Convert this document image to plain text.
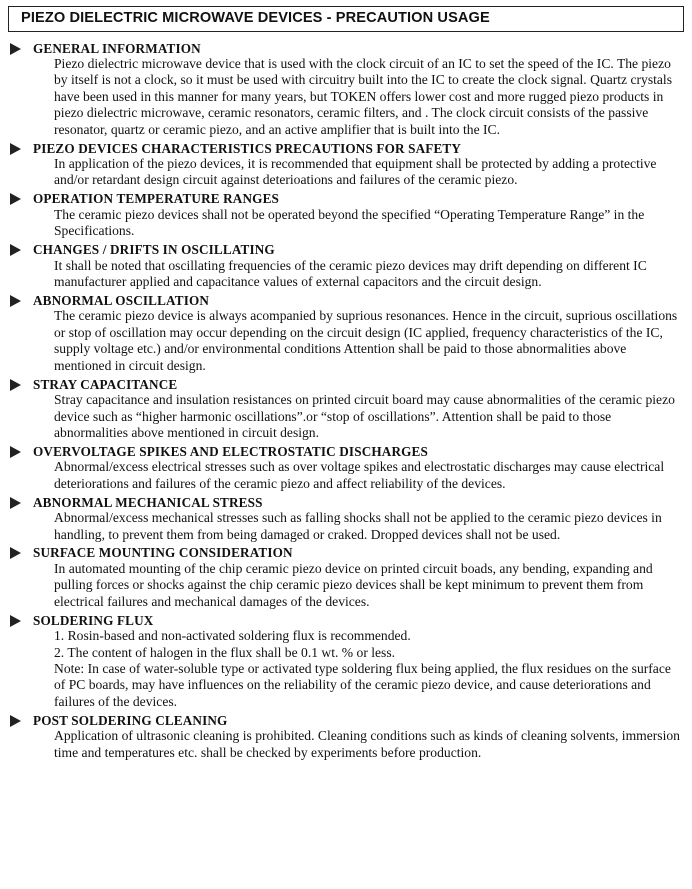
PIEZO DIELECTRIC MICROWAVE DEVICES - PRECAUTION USAGE
GENERAL INFORMATION

Piezo dielectric microwave device that is used with the clock circuit of an IC to set the speed of the IC. The piezo by itself is not a clock, so it must be used with circuitry built into the IC to create the clock signal. Quartz crystals have been used in this manner for many years, but TOKEN offers lower cost and more rugged piezo products in piezo dielectric microwave, ceramic resonators, ceramic filters, and . The clock circuit consists of the passive resonator, quartz or ceramic piezo, and an active amplifier that is built into the IC.

PIEZO DEVICES CHARACTERISTICS PRECAUTIONS FOR SAFETY

In application of the piezo devices, it is recommended that equipment shall be protected by adding a protective and/or retardant design circuit against deterioations and failures of the ceramic piezo.

OPERATION TEMPERATURE RANGES

The ceramic piezo devices shall not be operated beyond the specified “Operating Temperature Range” in the Specifications.

CHANGES / DRIFTS IN OSCILLATING

It shall be noted that oscillating frequencies of the ceramic piezo devices may drift depending on different IC manufacturer applied and capacitance values of external capacitors and the circuit design.

ABNORMAL OSCILLATION

The ceramic piezo device is always acompanied by suprious resonances. Hence in the circuit, suprious oscillations or stop of oscillation may occur depending on the circuit design (IC applied, frequency characteristics of the IC, supply voltage etc.) and/or environmental conditions Attention shall be paid to those abnormalities above mentioned in circuit design.

STRAY CAPACITANCE

Stray capacitance and insulation resistances on printed circuit board may cause abnormalities of the ceramic piezo device such as “higher harmonic oscillations”.or “stop of oscillations”. Attention shall be paid to those abnormalities above mentioned in circuit design.

OVERVOLTAGE SPIKES AND ELECTROSTATIC DISCHARGES

Abnormal/excess electrical stresses such as over voltage spikes and electrostatic discharges may cause electrical deteriorations and failures of the ceramic piezo and affect reliability of the devices.

ABNORMAL MECHANICAL STRESS

Abnormal/excess mechanical stresses such as falling shocks shall not be applied to the ceramic piezo devices in handling, to prevent them from being damaged or craked. Dropped devices shall not be used.

SURFACE MOUNTING CONSIDERATION

In automated mounting of the chip ceramic piezo device on printed circuit boads, any bending, expanding and pulling forces or shocks against the chip ceramic piezo devices shall be kept minimum to prevent them from electrical failures and mechanical damages of the devices.

SOLDERING FLUX

1. Rosin-based and non-activated soldering flux is recommended.

2. The content of halogen in the flux shall be 0.1 wt. % or less.

Note: In case of water-soluble type or activated type soldering flux being applied, the flux residues on the surface of PC boards, may have influences on the reliability of the ceramic piezo device, and cause deteriorations and failures of the devices.

POST SOLDERING CLEANING

Application of ultrasonic cleaning is prohibited. Cleaning conditions such as kinds of cleaning solvents, immersion time and temperatures etc. shall be checked by experiments before production.
